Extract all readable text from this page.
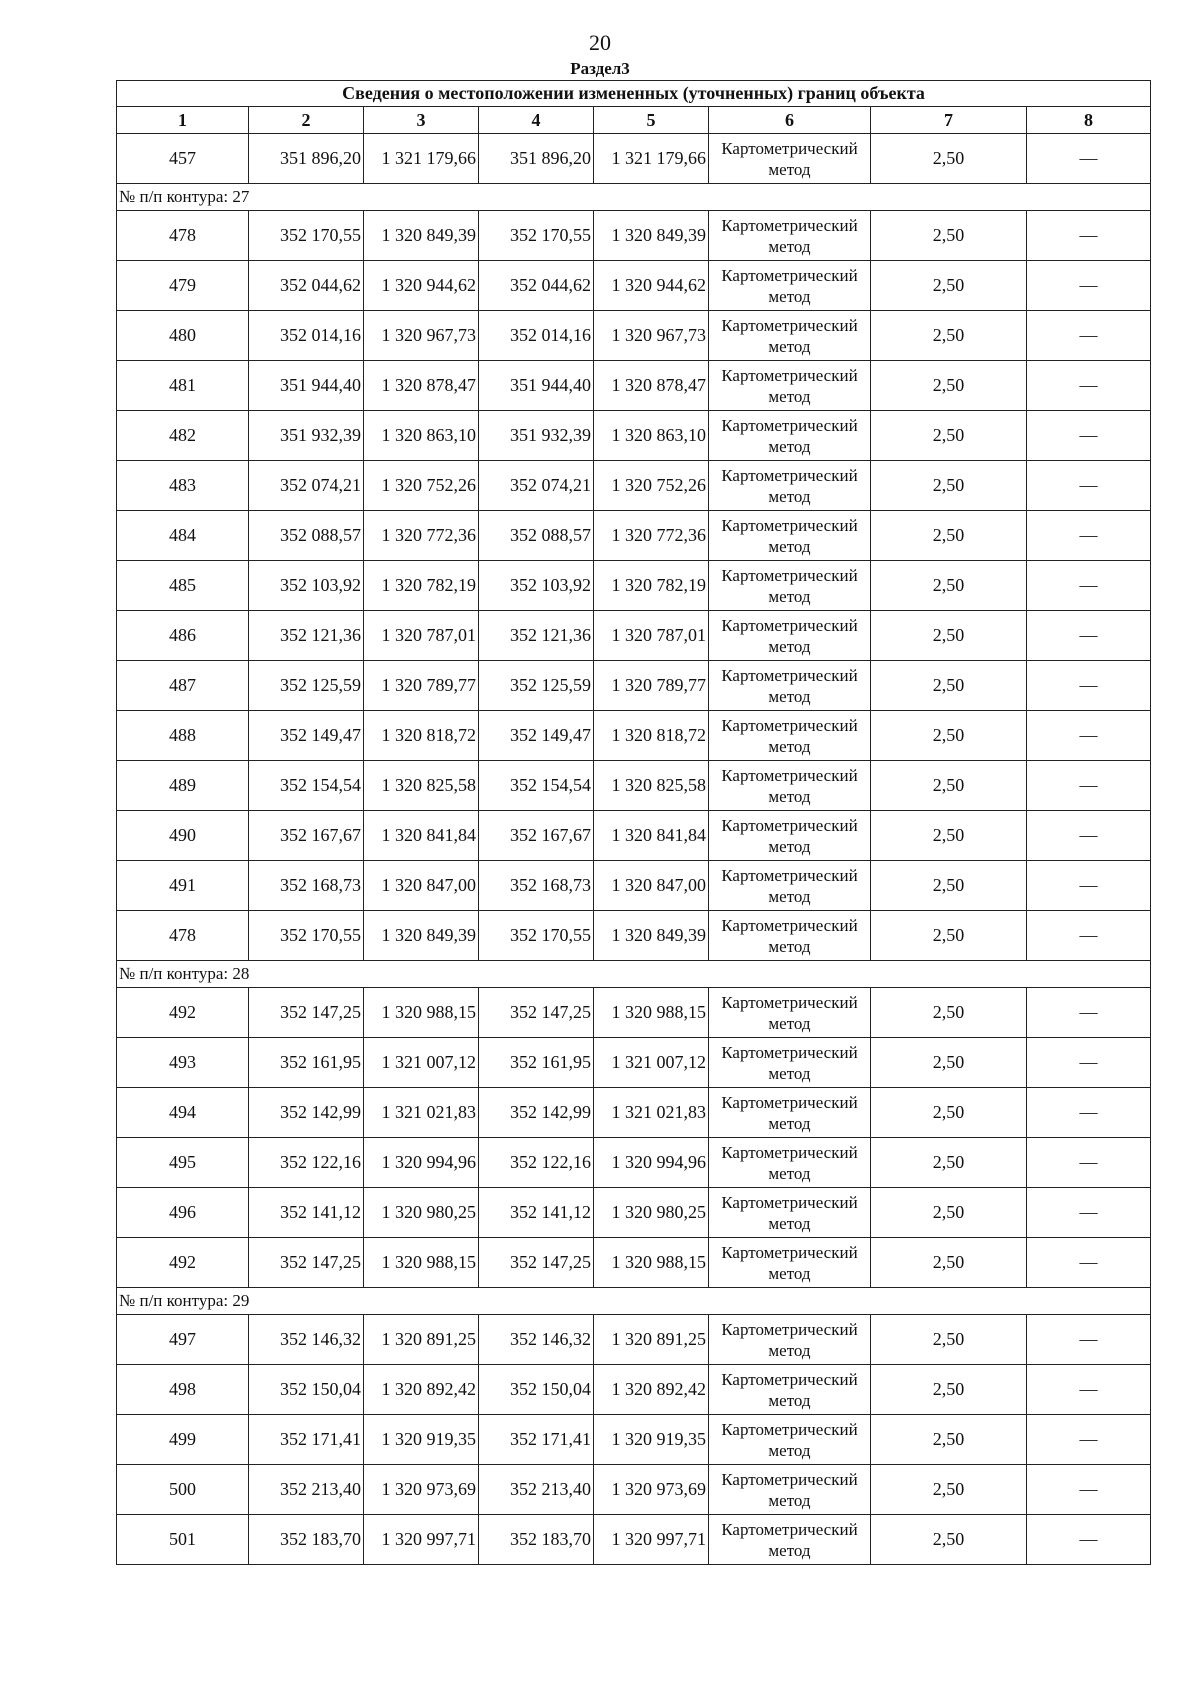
20
Раздел3
Сведения о местоположении измененных (уточненных) границ объекта							
1	2	3	4	5	6	7	8
457	351 896,20	1 321 179,66	351 896,20	1 321 179,66	Картометрический метод	2,50	—
№ п/п контура: 27							
478	352 170,55	1 320 849,39	352 170,55	1 320 849,39	Картометрический метод	2,50	—
479	352 044,62	1 320 944,62	352 044,62	1 320 944,62	Картометрический метод	2,50	—
480	352 014,16	1 320 967,73	352 014,16	1 320 967,73	Картометрический метод	2,50	—
481	351 944,40	1 320 878,47	351 944,40	1 320 878,47	Картометрический метод	2,50	—
482	351 932,39	1 320 863,10	351 932,39	1 320 863,10	Картометрический метод	2,50	—
483	352 074,21	1 320 752,26	352 074,21	1 320 752,26	Картометрический метод	2,50	—
484	352 088,57	1 320 772,36	352 088,57	1 320 772,36	Картометрический метод	2,50	—
485	352 103,92	1 320 782,19	352 103,92	1 320 782,19	Картометрический метод	2,50	—
486	352 121,36	1 320 787,01	352 121,36	1 320 787,01	Картометрический метод	2,50	—
487	352 125,59	1 320 789,77	352 125,59	1 320 789,77	Картометрический метод	2,50	—
488	352 149,47	1 320 818,72	352 149,47	1 320 818,72	Картометрический метод	2,50	—
489	352 154,54	1 320 825,58	352 154,54	1 320 825,58	Картометрический метод	2,50	—
490	352 167,67	1 320 841,84	352 167,67	1 320 841,84	Картометрический метод	2,50	—
491	352 168,73	1 320 847,00	352 168,73	1 320 847,00	Картометрический метод	2,50	—
478	352 170,55	1 320 849,39	352 170,55	1 320 849,39	Картометрический метод	2,50	—
№ п/п контура: 28							
492	352 147,25	1 320 988,15	352 147,25	1 320 988,15	Картометрический метод	2,50	—
493	352 161,95	1 321 007,12	352 161,95	1 321 007,12	Картометрический метод	2,50	—
494	352 142,99	1 321 021,83	352 142,99	1 321 021,83	Картометрический метод	2,50	—
495	352 122,16	1 320 994,96	352 122,16	1 320 994,96	Картометрический метод	2,50	—
496	352 141,12	1 320 980,25	352 141,12	1 320 980,25	Картометрический метод	2,50	—
492	352 147,25	1 320 988,15	352 147,25	1 320 988,15	Картометрический метод	2,50	—
№ п/п контура: 29							
497	352 146,32	1 320 891,25	352 146,32	1 320 891,25	Картометрический метод	2,50	—
498	352 150,04	1 320 892,42	352 150,04	1 320 892,42	Картометрический метод	2,50	—
499	352 171,41	1 320 919,35	352 171,41	1 320 919,35	Картометрический метод	2,50	—
500	352 213,40	1 320 973,69	352 213,40	1 320 973,69	Картометрический метод	2,50	—
501	352 183,70	1 320 997,71	352 183,70	1 320 997,71	Картометрический метод	2,50	—
